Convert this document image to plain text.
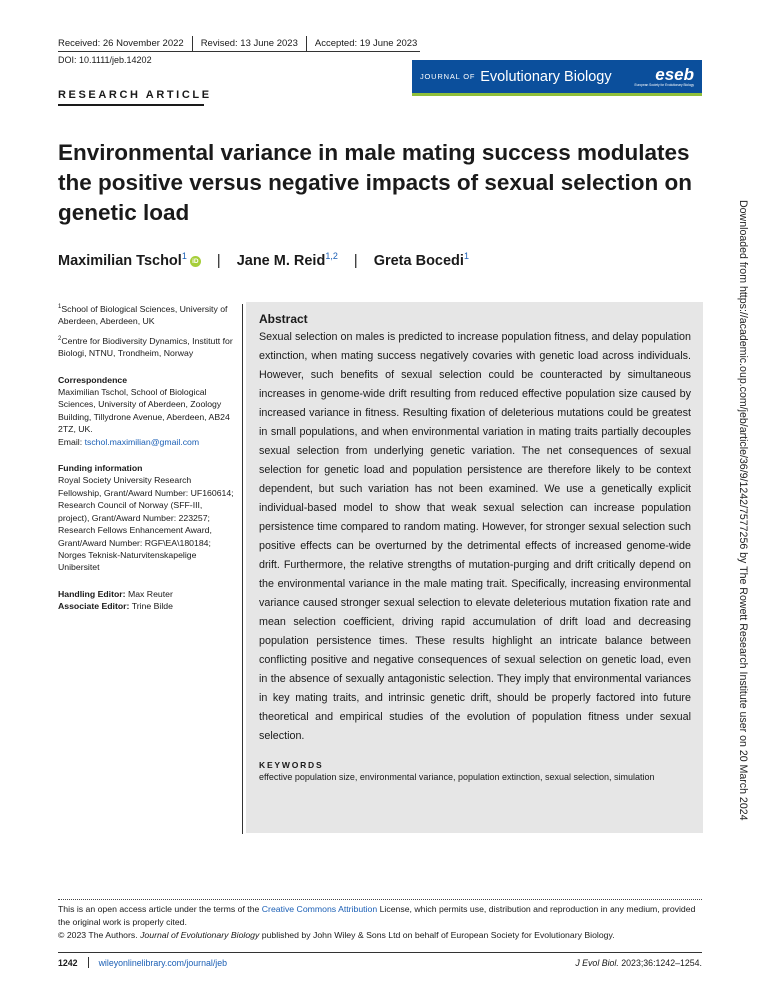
Received: 26 November 2022 Revised: 13 June 2023 Accepted: 19 June 2023
DOI: 10.1111/jeb.14202
RESEARCH ARTICLE
JOURNAL OF Evolutionary Biology	eseb
European Society for Evolutionary Biology
Environmental variance in male mating success modulates the positive versus negative impacts of sexual selection on genetic load
Maximilian Tschol$^1$iD | Jane M. Reid$^{1,2}$ | Greta Bocedi$^1$

$^1$School of Biological Sciences, University of Aberdeen, Aberdeen, UK

$^2$Centre for Biodiversity Dynamics, Institutt for Biologi, NTNU, Trondheim, Norway

Correspondence
Maximilian Tschol, School of Biological Sciences, University of Aberdeen, Zoology Building, Tillydrone Avenue, Aberdeen, AB24 2TZ, UK.
Email: tschol.maximilian@gmail.com

Funding information
Royal Society University Research Fellowship, Grant/Award Number: UF160614; Research Council of Norway (SFF-III, project), Grant/Award Number: 223257; Research Fellows Enhancement Award, Grant/Award Number: RGF\EA\180184; Norges Teknisk-Naturvitenskapelige Unibersitet

Handling Editor: Max Reuter
Associate Editor: Trine Bilde

Abstract

Sexual selection on males is predicted to increase population fitness, and delay population extinction, when mating success negatively covaries with genetic load across individuals. However, such benefits of sexual selection could be counteracted by simultaneous increases in genome-wide drift resulting from reduced effective population size caused by increased variance in fitness. Resulting fixation of deleterious mutations could be greatest in small populations, and when environmental variation in mating traits partially decouples sexual selection from underlying genetic variation. The net consequences of sexual selection for genetic load and population persistence are therefore likely to be context dependent, but such variation has not been examined. We use a genetically explicit individual-based model to show that weak sexual selection can increase population persistence time compared to random mating. However, for stronger sexual selection such positive effects can be overturned by the detrimental effects of increased genome-wide drift. Furthermore, the relative strengths of mutation-purging and drift critically depend on the environmental variance in the male mating trait. Specifically, increasing environmental variance caused stronger sexual selection to elevate deleterious mutation fixation rate and mean selection coefficient, driving rapid accumulation of drift load and decreasing population persistence times. These results highlight an intricate balance between conflicting positive and negative consequences of sexual selection on genetic load, even in the absence of sexually antagonistic selection. They imply that environmental variances in key mating traits, and intrinsic genetic drift, should be properly factored into future theoretical and empirical studies of the evolution of population fitness under sexual selection.

KEYWORDS
effective population size, environmental variance, population extinction, sexual selection, simulation	Downloaded from https://academic.oup.com/jeb/article/36/9/1242/7577256 by The Rowett Research Institute user on 20 March 2024

This is an open access article under the terms of the Creative Commons Attribution License, which permits use, distribution and reproduction in any medium, provided the original work is properly cited.

© 2023 The Authors. Journal of Evolutionary Biology published by John Wiley & Sons Ltd on behalf of European Society for Evolutionary Biology.

1242 wileyonlinelibrary.com/journal/jeb	J Evol Biol. 2023;36:1242–1254.
